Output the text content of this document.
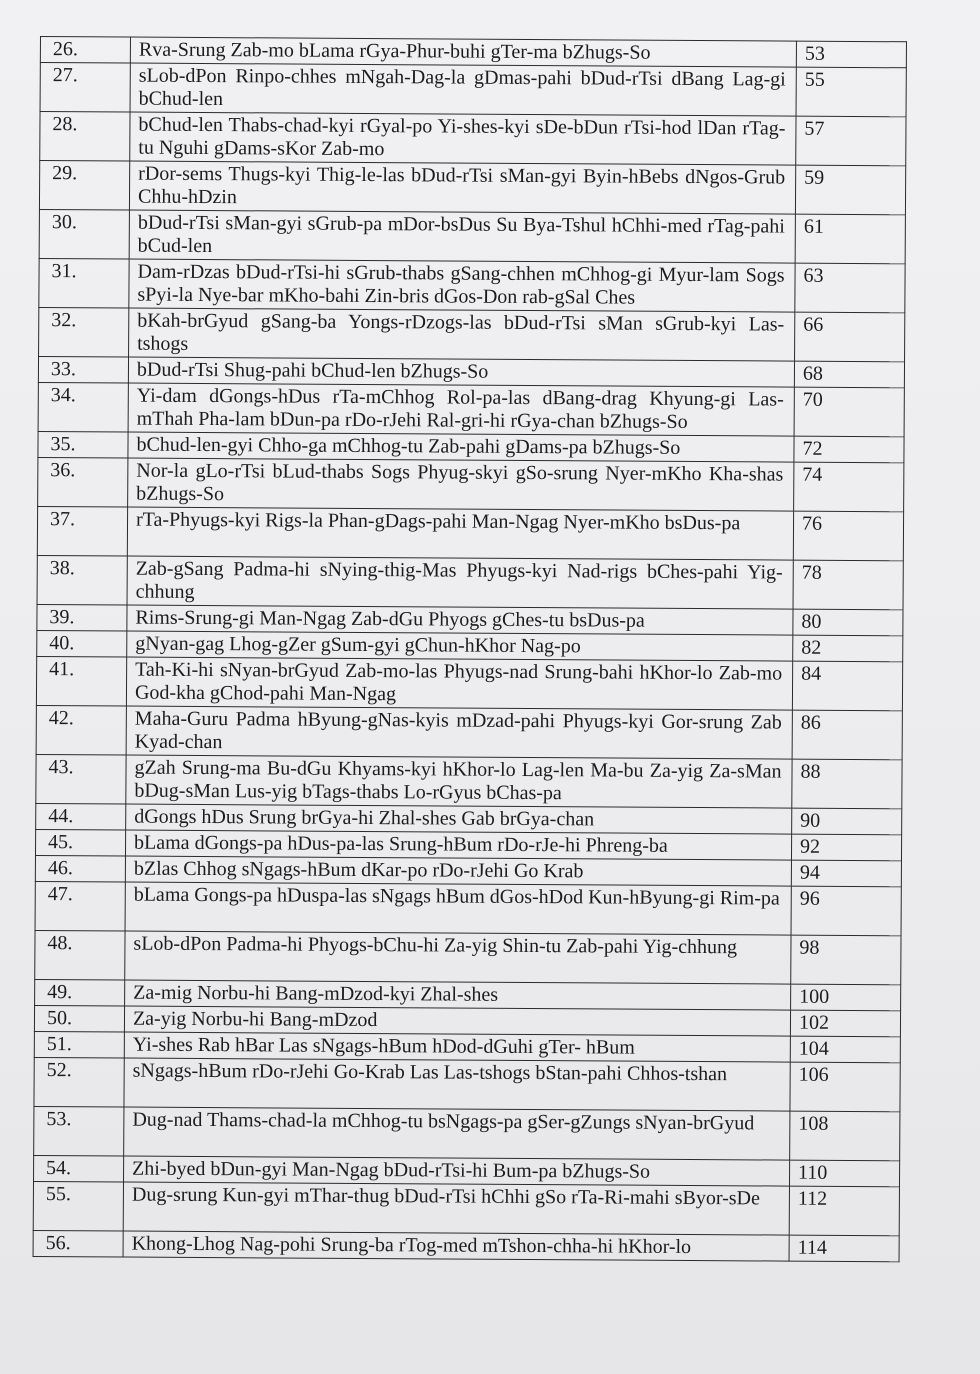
26.	Rva-Srung Zab-mo bLama rGya-Phur-buhi gTer-ma bZhugs-So	53
27.	sLob-dPon Rinpo-chhes mNgah-Dag-la gDmas-pahi bDud-rTsi dBang Lag-gi bChud-len	55
28.	bChud-len Thabs-chad-kyi rGyal-po Yi-shes-kyi sDe-bDun rTsi-hod lDan rTag-tu Nguhi gDams-sKor Zab-mo	57
29.	rDor-sems Thugs-kyi Thig-le-las bDud-rTsi sMan-gyi Byin-hBebs dNgos-Grub Chhu-hDzin	59
30.	bDud-rTsi sMan-gyi sGrub-pa mDor-bsDus Su Bya-Tshul hChhi-med rTag-pahi bCud-len	61
31.	Dam-rDzas bDud-rTsi-hi sGrub-thabs gSang-chhen mChhog-gi Myur-lam Sogs sPyi-la Nye-bar mKho-bahi Zin-bris dGos-Don rab-gSal Ches	63
32.	bKah-brGyud gSang-ba Yongs-rDzogs-las bDud-rTsi sMan sGrub-kyi Las-tshogs	66
33.	bDud-rTsi Shug-pahi bChud-len bZhugs-So	68
34.	Yi-dam dGongs-hDus rTa-mChhog Rol-pa-las dBang-drag Khyung-gi Las-mThah Pha-lam bDun-pa rDo-rJehi Ral-gri-hi rGya-chan bZhugs-So	70
35.	bChud-len-gyi Chho-ga mChhog-tu Zab-pahi gDams-pa bZhugs-So	72
36.	Nor-la gLo-rTsi bLud-thabs Sogs Phyug-skyi gSo-srung Nyer-mKho Kha-shas bZhugs-So	74
37.	rTa-Phyugs-kyi Rigs-la Phan-gDags-pahi Man-Ngag Nyer-mKho bsDus-pa	76
38.	Zab-gSang Padma-hi sNying-thig-Mas Phyugs-kyi Nad-rigs bChes-pahi Yig-chhung	78
39.	Rims-Srung-gi Man-Ngag Zab-dGu Phyogs gChes-tu bsDus-pa	80
40.	gNyan-gag Lhog-gZer gSum-gyi gChun-hKhor Nag-po	82
41.	Tah-Ki-hi sNyan-brGyud Zab-mo-las Phyugs-nad Srung-bahi hKhor-lo Zab-mo God-kha gChod-pahi Man-Ngag	84
42.	Maha-Guru Padma hByung-gNas-kyis mDzad-pahi Phyugs-kyi Gor-srung Zab Kyad-chan	86
43.	gZah Srung-ma Bu-dGu Khyams-kyi hKhor-lo Lag-len Ma-bu Za-yig Za-sMan bDug-sMan Lus-yig bTags-thabs Lo-rGyus bChas-pa	88
44.	dGongs hDus Srung brGya-hi Zhal-shes Gab brGya-chan	90
45.	bLama dGongs-pa hDus-pa-las Srung-hBum rDo-rJe-hi Phreng-ba	92
46.	bZlas Chhog sNgags-hBum dKar-po rDo-rJehi Go Krab	94
47.	bLama Gongs-pa hDuspa-las sNgags hBum dGos-hDod Kun-hByung-gi Rim-pa	96
48.	sLob-dPon Padma-hi Phyogs-bChu-hi Za-yig Shin-tu Zab-pahi Yig-chhung	98
49.	Za-mig Norbu-hi Bang-mDzod-kyi Zhal-shes	100
50.	Za-yig Norbu-hi Bang-mDzod	102
51.	Yi-shes Rab hBar Las sNgags-hBum hDod-dGuhi gTer- hBum	104
52.	sNgags-hBum rDo-rJehi Go-Krab Las Las-tshogs bStan-pahi Chhos-tshan	106
53.	Dug-nad Thams-chad-la mChhog-tu bsNgags-pa gSer-gZungs sNyan-brGyud	108
54.	Zhi-byed bDun-gyi Man-Ngag bDud-rTsi-hi Bum-pa bZhugs-So	110
55.	Dug-srung Kun-gyi mThar-thug bDud-rTsi hChhi gSo rTa-Ri-mahi sByor-sDe	112
56.	Khong-Lhog Nag-pohi Srung-ba rTog-med mTshon-chha-hi hKhor-lo	114
